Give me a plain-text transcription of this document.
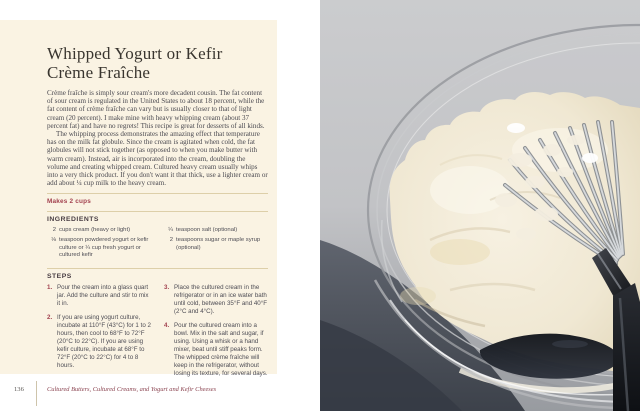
Whipped Yogurt or Kefir
Crème Fraîche

Crème fraîche is simply sour cream's more decadent cousin. The fat content of sour cream is regulated in the United States to about 18 percent, while the fat content of crème fraîche can vary but is usually closer to that of light cream (20 percent). I make mine with heavy whipping cream (about 37 percent fat) and have no regrets! This recipe is great for desserts of all kinds.

The whipping process demonstrates the amazing effect that temperature has on the milk fat globule. Since the cream is agitated when cold, the fat globules will not stick together (as opposed to when you make butter with warm cream). Instead, air is incorporated into the cream, doubling the volume and creating whipped cream. Cultured heavy cream usually whips into a very thick product. If you don't want it that thick, use a lighter cream or add about ¼ cup milk to the heavy cream.

Makes 2 cups
INGREDIENTS
2 cups cream (heavy or light)
⅛ teaspoon powdered yogurt or kefir culture or ¼ cup fresh yogurt or cultured kefir
¼ teaspoon salt (optional)
2 teaspoons sugar or maple syrup (optional)
STEPS
1. Pour the cream into a glass quart jar. Add the culture and stir to mix it in.
2. If you are using yogurt culture, incubate at 110°F (43°C) for 1 to 2 hours, then cool to 68°F to 72°F (20°C to 22°C). If you are using kefir culture, incubate at 68°F to 72°F (20°C to 22°C) for 4 to 8 hours.
3. Place the cultured cream in the refrigerator or in an ice water bath until cold, between 35°F and 40°F (2°C and 4°C).
4. Pour the cultured cream into a bowl. Mix in the salt and sugar, if using. Using a whisk or a hand mixer, beat until stiff peaks form. The whipped crème fraîche will keep in the refrigerator, without losing its texture, for several days.
136	Cultured Butters, Cultured Creams, and Yogurt and Kefir Cheeses
